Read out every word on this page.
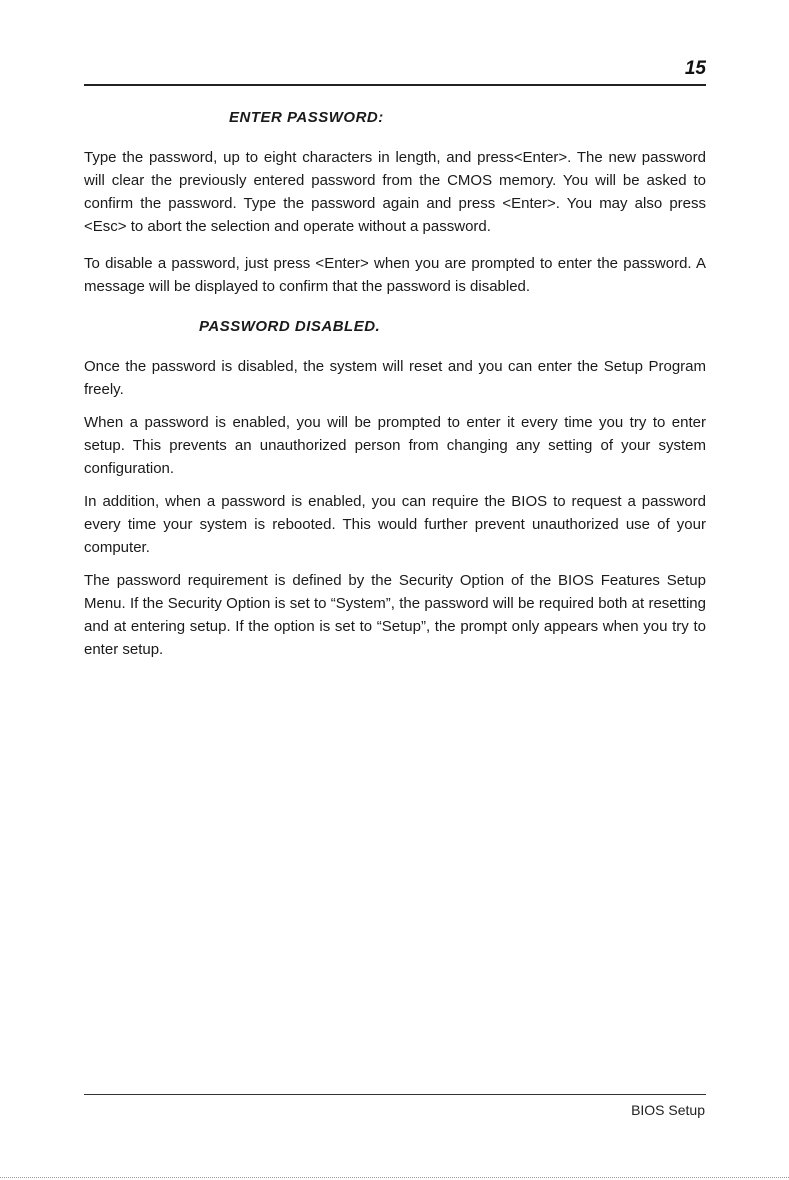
15

ENTER PASSWORD:

Type the password, up to eight characters in length, and press<Enter>. The new password will clear the previously entered password from the CMOS memory. You will be asked to confirm the password. Type the password again and press <Enter>. You may also press <Esc> to abort the selection and operate without a password.

To disable a password, just press <Enter> when you are prompted to enter the password. A message will be displayed to confirm that the password is disabled.

PASSWORD DISABLED.

Once the password is disabled, the system will reset and you can enter the Setup Program freely.

When a password is enabled, you will be prompted to enter it every time you try to enter setup. This prevents an unauthorized person from changing any setting of your system configuration.

In addition, when a password is enabled, you can require the BIOS to request a password every time your system is rebooted. This would further prevent unauthorized use of your computer.

The password requirement is defined by the Security Option of the BIOS Features Setup Menu. If the Security Option is set to “System”, the password will be required both at resetting and at entering setup. If the option is set to “Setup”, the prompt only appears when you try to enter setup.

BIOS Setup
